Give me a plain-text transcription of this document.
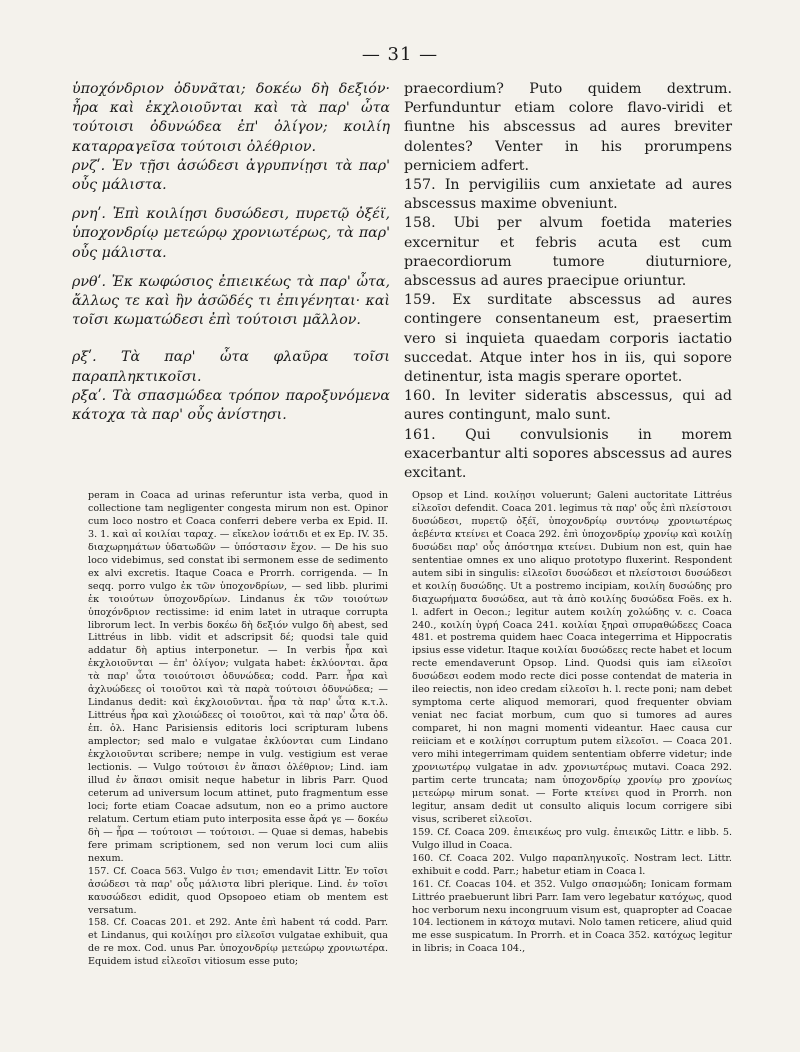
— 31 —

ὑποχόνδριον ὀδυνᾶται; δοκέω δὴ δεξιόν· ἦρα καὶ ἐκχλοιοῦνται καὶ τὰ παρ' ὦτα τούτοισι ὀδυνώδεα ἐπ' ὀλίγον; κοιλίη καταρραγεῖσα τούτοισι ὀλέθριον.

ρνζʹ. Ἐν τῇσι ἀσώδεσι ἀγρυπνίῃσι τὰ παρ' οὖς μάλιστα.

ρνηʹ. Ἐπὶ κοιλίῃσι δυσώδεσι, πυρετῷ ὀξέϊ, ὑποχονδρίῳ μετεώρῳ χρονιωτέρως, τὰ παρ' οὖς μάλιστα.

ρνθʹ. Ἐκ κωφώσιος ἐπιεικέως τὰ παρ' ὦτα, ἄλλως τε καὶ ἢν ἀσῶδές τι ἐπιγένηται· καὶ τοῖσι κωματώδεσι ἐπὶ τούτοισι μᾶλλον.

ρξʹ. Τὰ παρ' ὦτα φλαῦρα τοῖσι παραπληκτικοῖσι.

ρξαʹ. Τὰ σπασμώδεα τρόπον παροξυνόμενα κάτοχα τὰ παρ' οὖς ἀνίστησι.

praecordium? Puto quidem dextrum. Perfunduntur etiam colore flavo-viridi et fiuntne his abscessus ad aures breviter dolentes? Venter in his prorumpens perniciem adfert.

157. In pervigiliis cum anxietate ad aures abscessus maxime obveniunt.

158. Ubi per alvum foetida materies excernitur et febris acuta est cum praecordiorum tumore diuturniore, abscessus ad aures praecipue oriuntur.

159. Ex surditate abscessus ad aures contingere consentaneum est, praesertim vero si inquieta quaedam corporis iactatio succedat. Atque inter hos in iis, qui sopore detinentur, ista magis sperare oportet.

160. In leviter sideratis abscessus, qui ad aures contingunt, malo sunt.

161. Qui convulsionis in morem exacerbantur alti sopores abscessus ad aures excitant.

peram in Coaca ad urinas referuntur ista verba, quod in collectione tam negligenter congesta mirum non est. Opinor cum loco nostro et Coaca conferri debere verba ex Epid. II. 3. 1. καὶ αἱ κοιλίαι ταραχ. — εἴκελον ἰσάτιδι et ex Ep. IV. 35. διαχωρημάτων ὑδατωδῶν — ὑπόστασιν ἔχον. — De his suo loco videbimus, sed constat ibi sermonem esse de sedimento ex alvi excretis. Itaque Coaca e Prorrh. corrigenda. — In seqq. porro vulgo ἐκ τῶν ὑποχονδρίων, — sed libb. plurimi ἐκ τοιούτων ὑποχονδρίων. Lindanus ἐκ τῶν τοιούτων ὑποχόνδριον rectissime: id enim latet in utraque corrupta librorum lect. In verbis δοκέω δὴ δεξιόν vulgo δὴ abest, sed Littréus in libb. vidit et adscripsit δέ; quodsi tale quid addatur δὴ aptius interponetur. — In verbis ἦρα καὶ ἐκχλοιοῦνται — ἐπ' ὀλίγον; vulgata habet: ἐκλύονται. ἄρα τὰ παρ' ὦτα τοιούτοισι ὀδυνώδεα; codd. Parr. ἦρα καὶ ἀχλυώδεες οἱ τοιοῦτοι καὶ τὰ παρὰ τούτοισι ὀδυνώδεα; — Lindanus dedit: καὶ ἐκχλοιοῦνται. ἦρα τὰ παρ' ὦτα κ.τ.λ. Littréus ἦρα καὶ χλοιώδεες οἱ τοιοῦτοι, καὶ τὰ παρ' ὦτα ὀδ. ἐπ. ὀλ. Hanc Parisiensis editoris loci scripturam lubens amplector; sed malo e vulgatae ἐκλύονται cum Lindano ἐκχλοιοῦνται scribere; nempe in vulg. vestigium est verae lectionis. — Vulgo τούτοισι ἐν ἅπασι ὀλέθριον; Lind. iam illud ἐν ἅπασι omisit neque habetur in libris Parr. Quod ceterum ad universum locum attinet, puto fragmentum esse loci; forte etiam Coacae adsutum, non eo a primo auctore relatum. Certum etiam puto interposita esse ἄρά γε — δοκέω δὴ — ἦρα — τούτοισι — τούτοισι. — Quae si demas, habebis fere primam scriptionem, sed non verum loci cum aliis nexum.

157. Cf. Coaca 563. Vulgo ἐν τισι; emendavit Littr. Ἐν τοῖσι ἀσώδεσι τὰ παρ' οὖς μάλιστα libri plerique. Lind. ἐν τοῖσι καυσώδεσι edidit, quod Opsopoeo etiam ob mentem est versatum.

158. Cf. Coacas 201. et 292. Ante ἐπὶ habent τά codd. Parr. et Lindanus, qui κοιλίῃσι pro εἰλεοῖσι vulgatae exhibuit, qua de re mox. Cod. unus Par. ὑποχονδρίῳ μετεώρῳ χρονιωτέρα. Equidem istud εἰλεοῖσι vitiosum esse puto;

Opsop et Lind. κοιλίῃσι voluerunt; Galeni auctoritate Littréus εἰλεοῖσι defendit. Coaca 201. legimus τὰ παρ' οὖς ἐπὶ πλείστοισι δυσώδεσι, πυρετῷ ὀξέϊ, ὑποχονδρίῳ συντόνῳ χρονιωτέρως ἀεβέντα κτείνει et Coaca 292. ἐπὶ ὑποχονδρίῳ χρονίῳ καὶ κοιλίῃ δυσώδει παρ' οὖς ἀπόστημα κτείνει. Dubium non est, quin hae sententiae omnes ex uno aliquo prototypo fluxerint. Respondent autem sibi in singulis: εἰλεοῖσι δυσώδεσι et πλείστοισι δυσώδεσι et κοιλίῃ δυσώδης. Ut a postremo incipiam, κοιλίη δυσώδης pro διαχωρήματα δυσώδεα, aut τὰ ἀπὸ κοιλίης δυσώδεα Foës. ex h. l. adfert in Oecon.; legitur autem κοιλίη χολώδης v. c. Coaca 240., κοιλίη ὑγρή Coaca 241. κοιλίαι ξηραὶ σπυραθώδεες Coaca 481. et postrema quidem haec Coaca integerrima et Hippocratis ipsius esse videtur. Itaque κοιλίαι δυσώδεες recte habet et locum recte emendaverunt Opsop. Lind. Quodsi quis iam εἰλεοῖσι δυσώδεσι eodem modo recte dici posse contendat de materia in ileo reiectis, non ideo credam εἰλεοῖσι h. l. recte poni; nam debet symptoma certe aliquod memorari, quod frequenter obviam veniat nec faciat morbum, cum quo si tumores ad aures comparet, hi non magni momenti videantur. Haec causa cur reiiciam et e κοιλίῃσι corruptum putem εἰλεοῖσι. — Coaca 201. vero mihi integerrimam quidem sententiam obferre videtur; inde χρονιωτέρῳ vulgatae in adv. χρονιωτέρως mutavi. Coaca 292. partim certe truncata; nam ὑποχονδρίῳ χρονίῳ pro χρονίως μετεώρῳ mirum sonat. — Forte κτείνει quod in Prorrh. non legitur, ansam dedit ut consulto aliquis locum corrigere sibi visus, scriberet εἰλεοῖσι.

159. Cf. Coaca 209. ἐπιεικέως pro vulg. ἐπιεικῶς Littr. e libb. 5. Vulgo illud in Coaca.

160. Cf. Coaca 202. Vulgo παραπληγικοῖς. Nostram lect. Littr. exhibuit e codd. Parr.; habetur etiam in Coaca l.

161. Cf. Coacas 104. et 352. Vulgo σπασμώδη; Ionicam formam Littréo praebuerunt libri Parr. Iam vero legebatur κατόχως, quod hoc verborum nexu incongruum visum est, quapropter ad Coacae 104. lectionem in κάτοχα mutavi. Nolo tamen reticere, aliud quid me esse suspicatum. In Prorrh. et in Coaca 352. κατόχως legitur in libris; in Coaca 104.,
